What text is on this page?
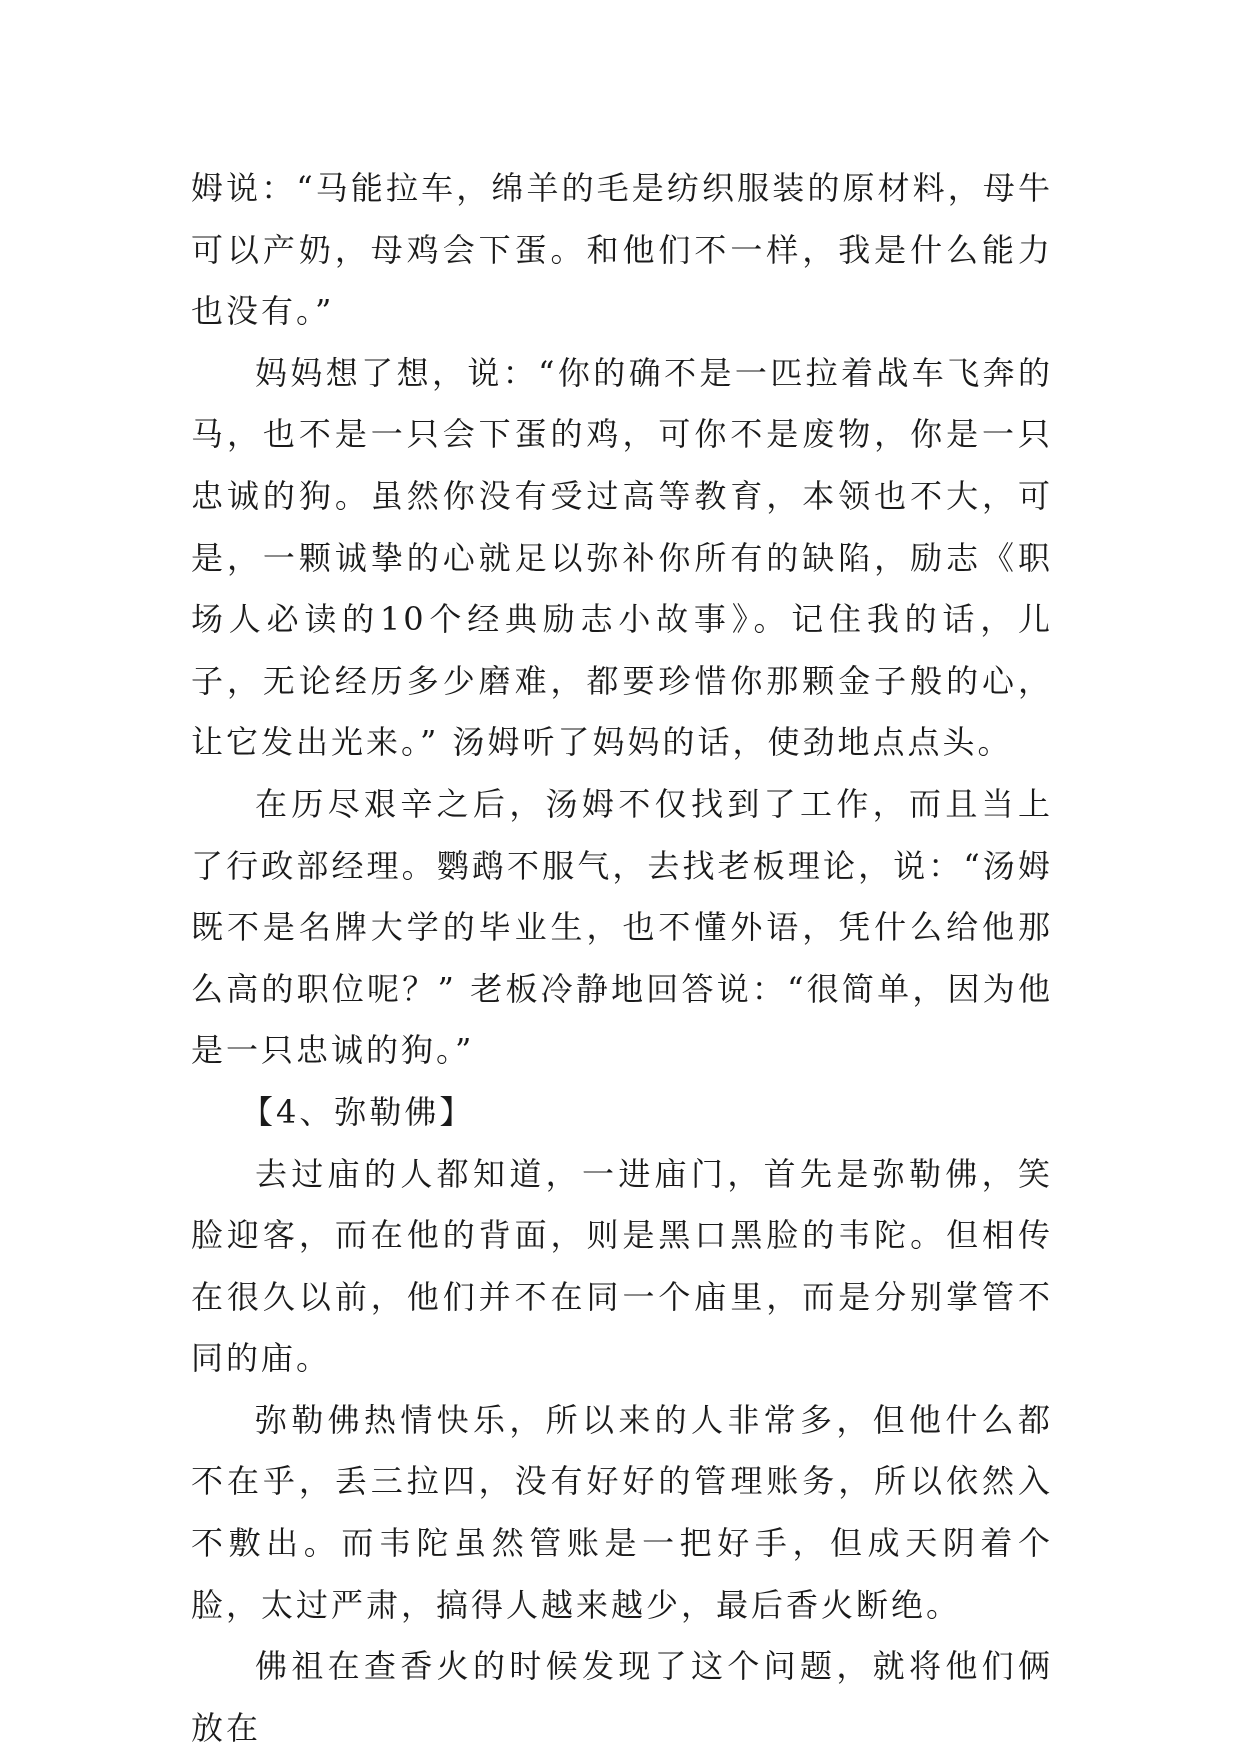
姆说：“马能拉车，绵羊的毛是纺织服装的原材料，母牛可以产奶，母鸡会下蛋。和他们不一样，我是什么能力也没有。”

妈妈想了想，说：“你的确不是一匹拉着战车飞奔的马，也不是一只会下蛋的鸡，可你不是废物，你是一只忠诚的狗。虽然你没有受过高等教育，本领也不大，可是，一颗诚挚的心就足以弥补你所有的缺陷，励志《职场人必读的10个经典励志小故事》。记住我的话，儿子，无论经历多少磨难，都要珍惜你那颗金子般的心，让它发出光来。” 汤姆听了妈妈的话，使劲地点点头。

在历尽艰辛之后，汤姆不仅找到了工作，而且当上了行政部经理。鹦鹉不服气，去找老板理论，说：“汤姆既不是名牌大学的毕业生，也不懂外语，凭什么给他那么高的职位呢？” 老板冷静地回答说：“很简单，因为他是一只忠诚的狗。”

【4、弥勒佛】

去过庙的人都知道，一进庙门，首先是弥勒佛，笑脸迎客，而在他的背面，则是黑口黑脸的韦陀。但相传在很久以前，他们并不在同一个庙里，而是分别掌管不同的庙。

弥勒佛热情快乐，所以来的人非常多，但他什么都不在乎，丢三拉四，没有好好的管理账务，所以依然入不敷出。而韦陀虽然管账是一把好手，但成天阴着个脸，太过严肃，搞得人越来越少，最后香火断绝。

佛祖在查香火的时候发现了这个问题，就将他们俩放在
